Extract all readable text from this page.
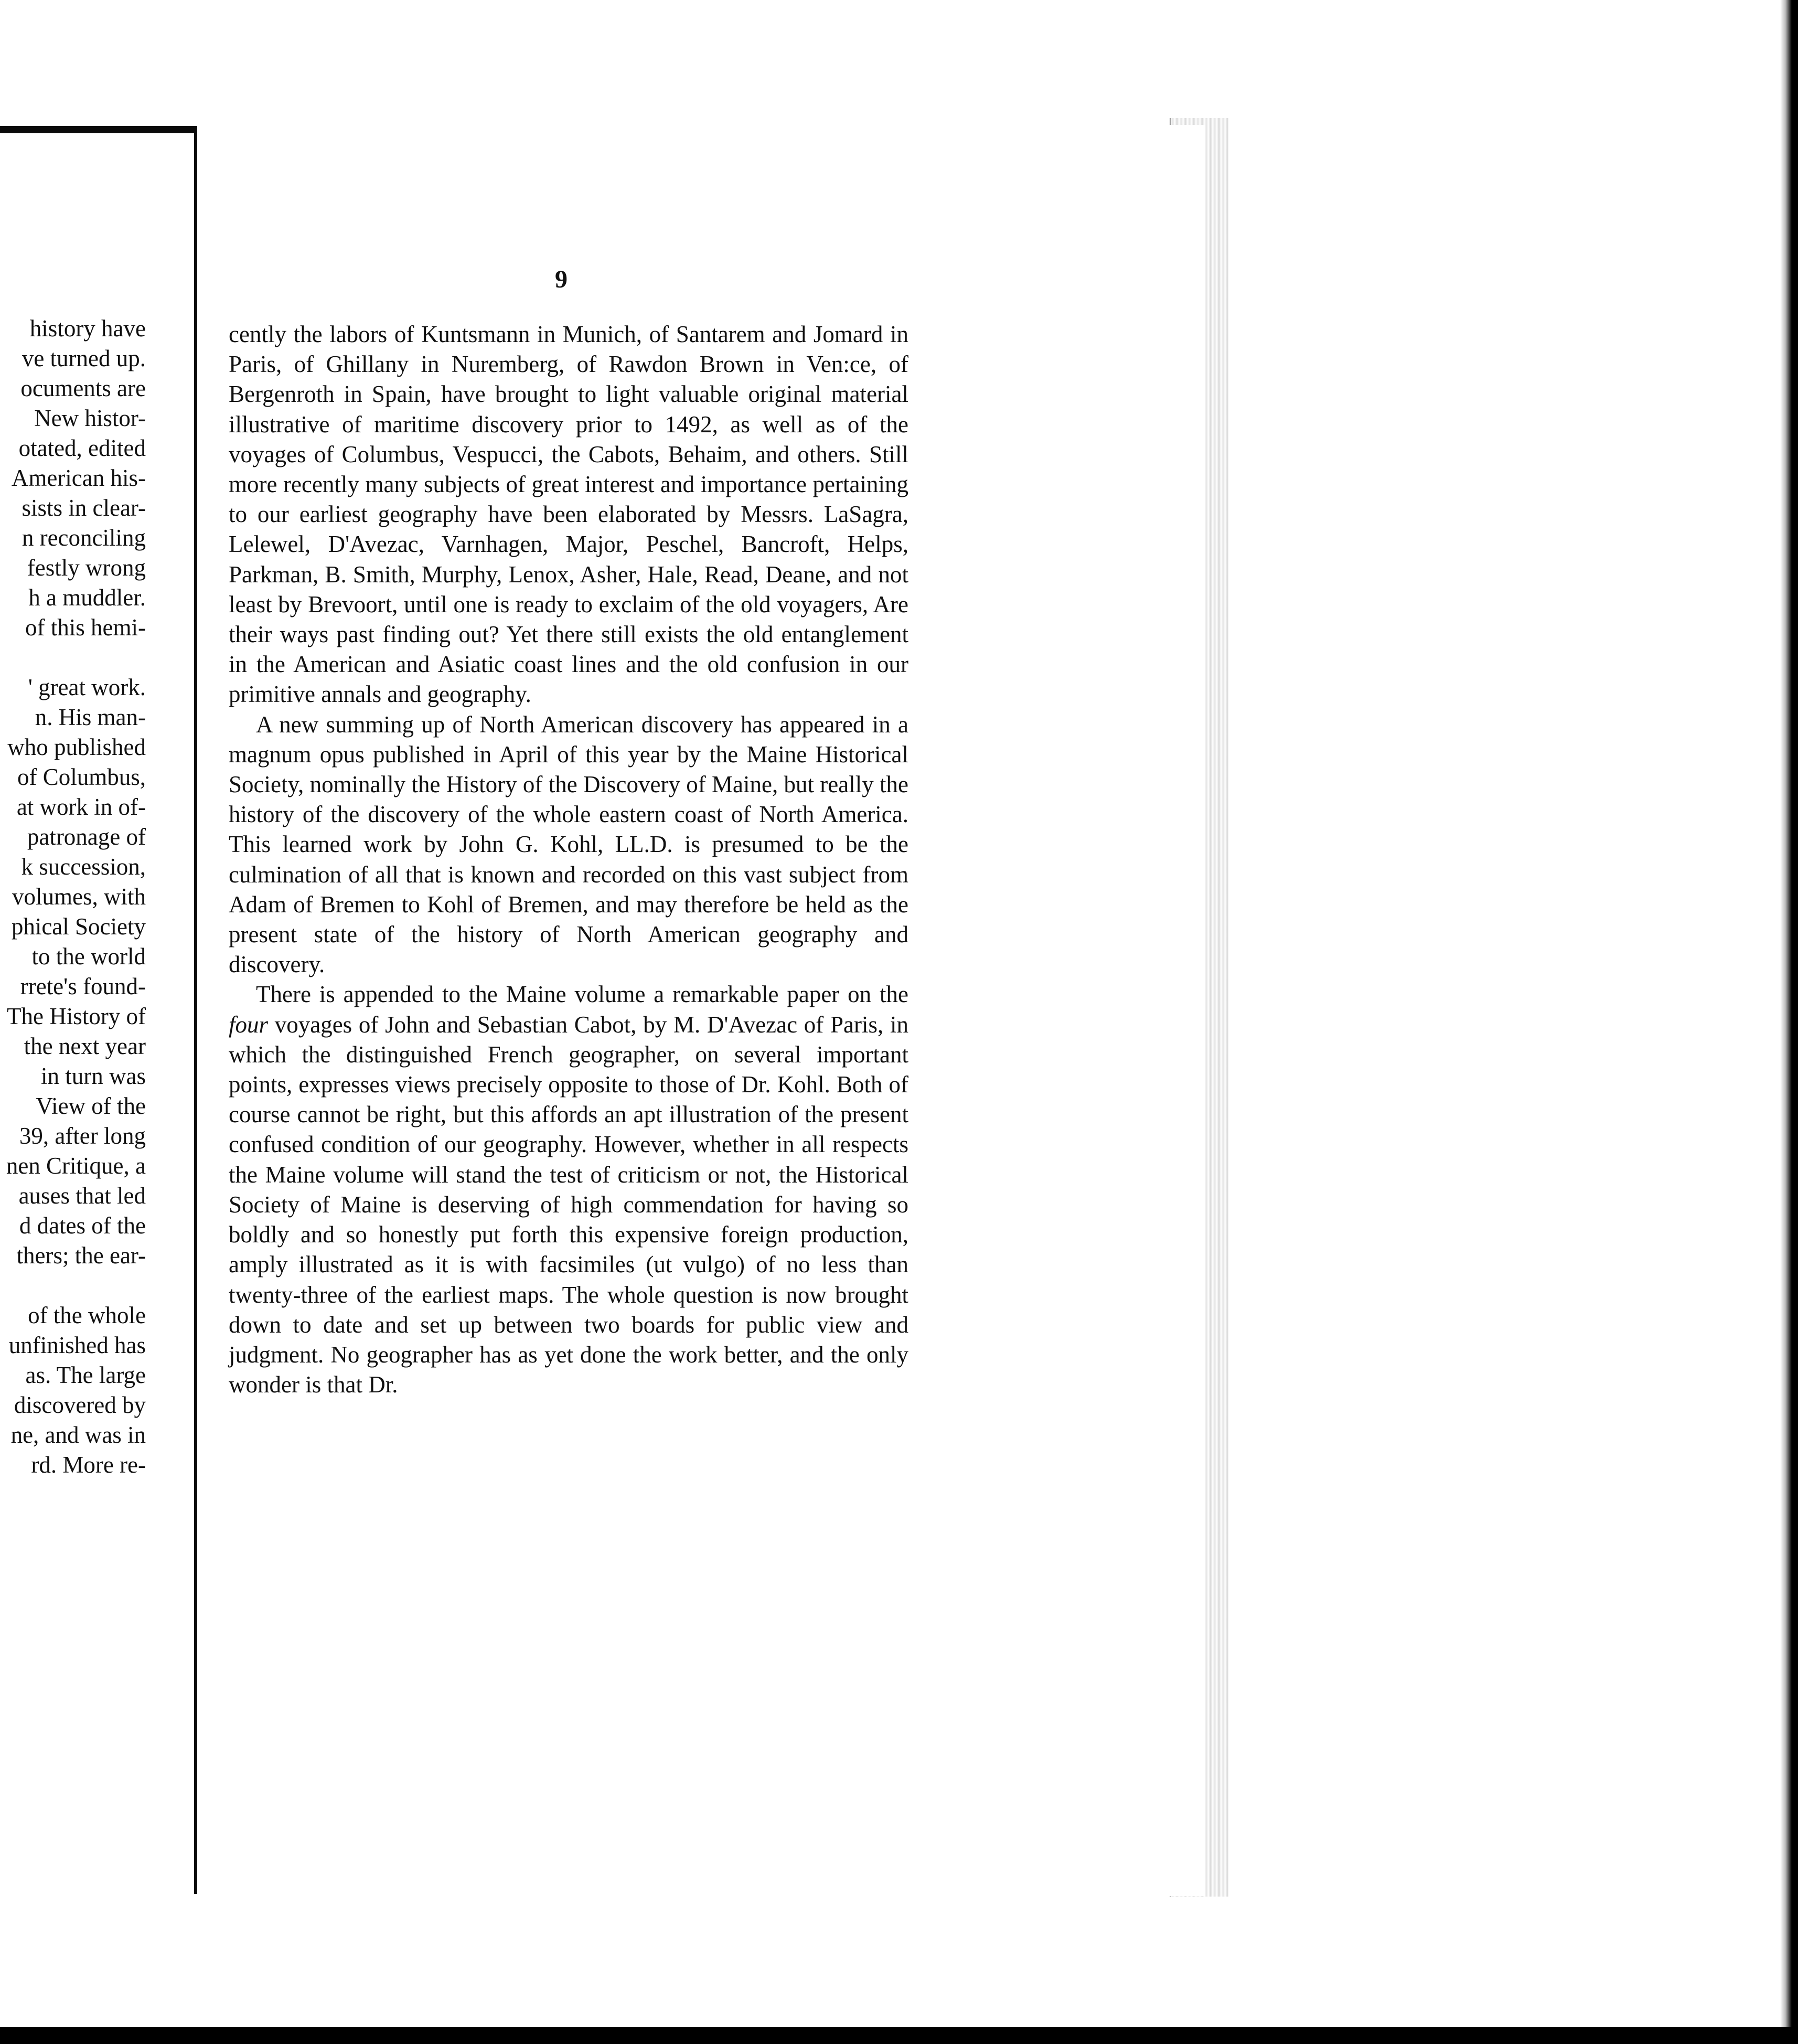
history have
ve turned up.
ocuments are
New histor-
otated, edited
American his-
sists in clear-
n reconciling
festly wrong
h a muddler.
of this hemi-
' great work.
n. His man-
who published
of Columbus,
at work in of-
patronage of
k succession,
volumes, with
phical Society
to the world
rrete's found-
The History of
the next year
in turn was
View of the
39, after long
nen Critique, a
auses that led
d dates of the
thers; the ear-
of the whole
unfinished has
as. The large
discovered by
ne, and was in
rd. More re-
9

cently the labors of Kuntsmann in Munich, of Santarem and Jomard in Paris, of Ghillany in Nuremberg, of Rawdon Brown in Ven:ce, of Bergenroth in Spain, have brought to light valuable original material illustrative of maritime discovery prior to 1492, as well as of the voyages of Columbus, Vespucci, the Cabots, Behaim, and others. Still more recently many subjects of great interest and importance pertaining to our earliest geography have been elaborated by Messrs. LaSagra, Lelewel, D'Avezac, Varnhagen, Major, Peschel, Bancroft, Helps, Parkman, B. Smith, Murphy, Lenox, Asher, Hale, Read, Deane, and not least by Brevoort, until one is ready to exclaim of the old voyagers, Are their ways past finding out? Yet there still exists the old entanglement in the American and Asiatic coast lines and the old confusion in our primitive annals and geography.

A new summing up of North American discovery has appeared in a magnum opus published in April of this year by the Maine Historical Society, nominally the History of the Discovery of Maine, but really the history of the discovery of the whole eastern coast of North America. This learned work by John G. Kohl, LL.D. is presumed to be the culmination of all that is known and recorded on this vast subject from Adam of Bremen to Kohl of Bremen, and may therefore be held as the present state of the history of North American geography and discovery.

There is appended to the Maine volume a remarkable paper on the four voyages of John and Sebastian Cabot, by M. D'Avezac of Paris, in which the distinguished French geographer, on several important points, expresses views precisely opposite to those of Dr. Kohl. Both of course cannot be right, but this affords an apt illustration of the present confused condition of our geography. However, whether in all respects the Maine volume will stand the test of criticism or not, the Historical Society of Maine is deserving of high commendation for having so boldly and so honestly put forth this expensive foreign production, amply illustrated as it is with facsimiles (ut vulgo) of no less than twenty-three of the earliest maps. The whole question is now brought down to date and set up between two boards for public view and judgment. No geographer has as yet done the work better, and the only wonder is that Dr.
